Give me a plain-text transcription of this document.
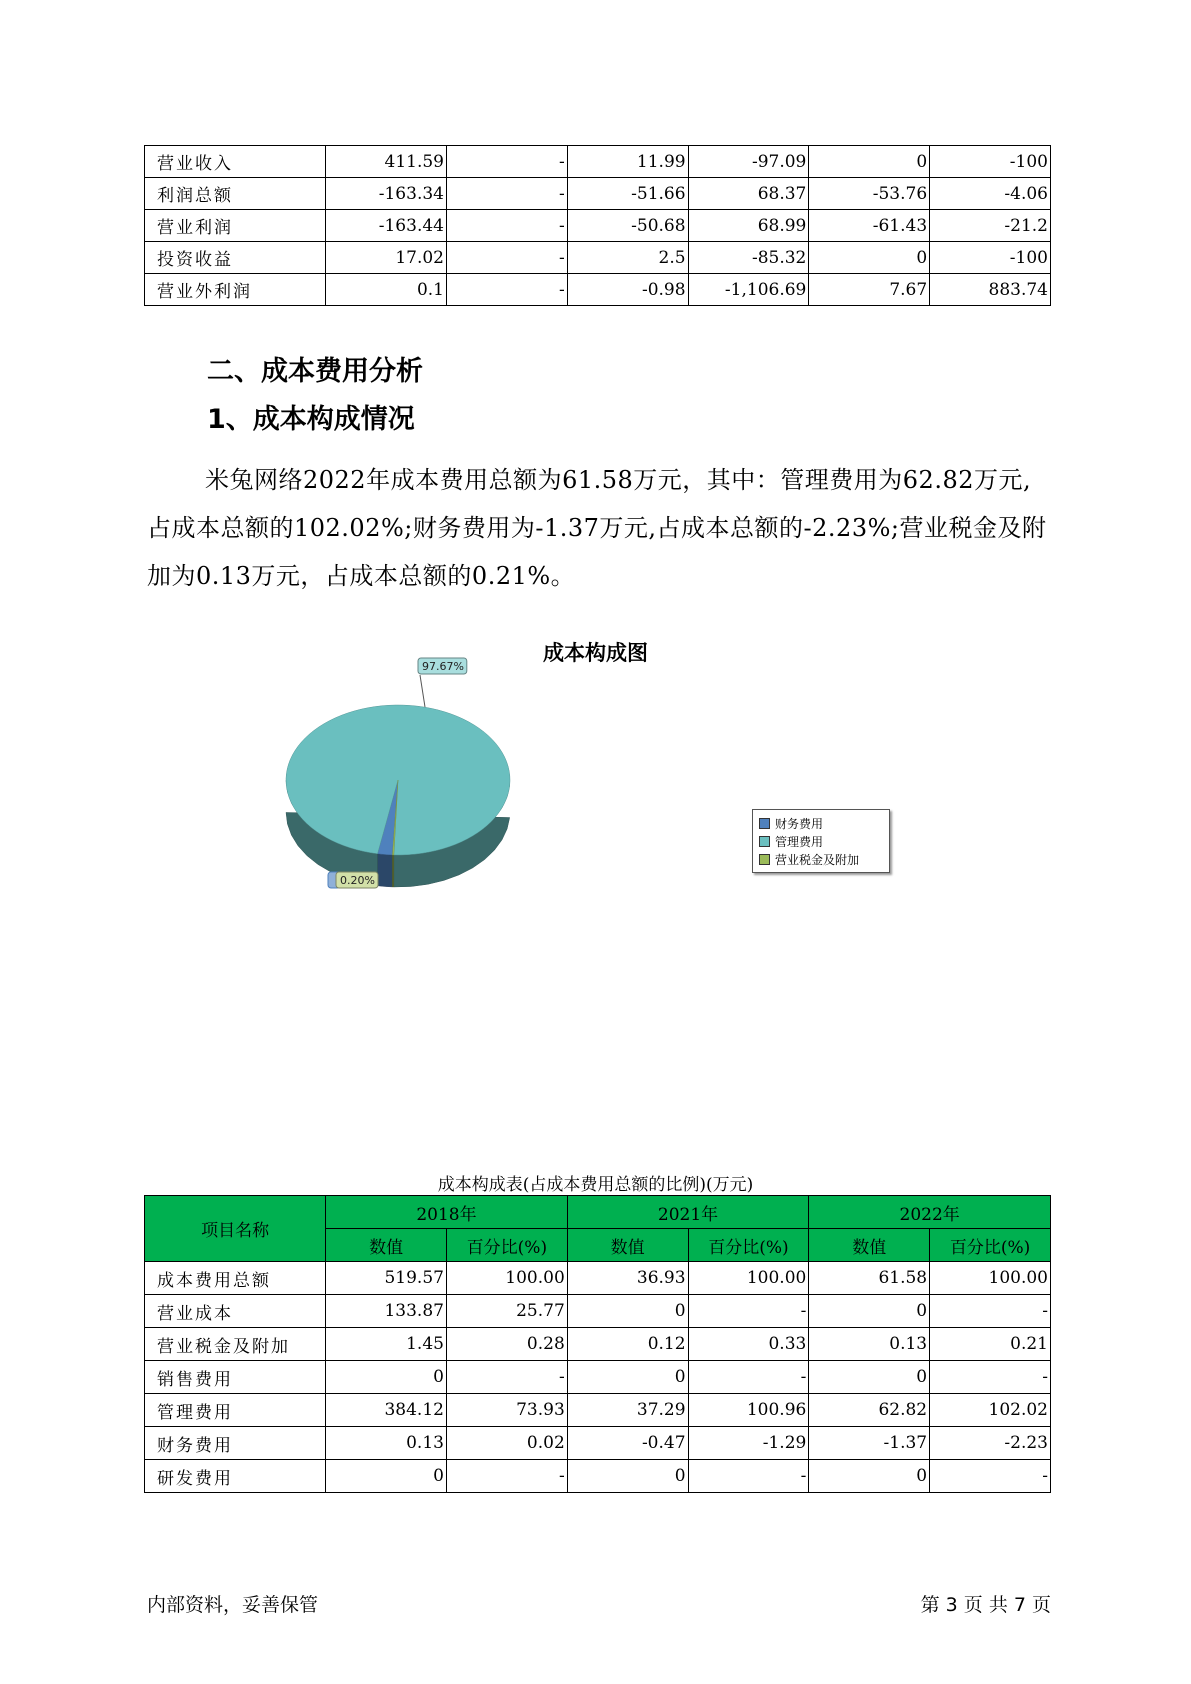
营业收入	411.59	-	11.99	-97.09	0	-100
利润总额	-163.34	-	-51.66	68.37	-53.76	-4.06
营业利润	-163.44	-	-50.68	68.99	-61.43	-21.2
投资收益	17.02	-	2.5	-85.32	0	-100
营业外利润	0.1	-	-0.98	-1,106.69	7.67	883.74
二、成本费用分析
1、成本构成情况
米兔网络2022年成本费用总额为61.58万元，其中：管理费用为62.82万元,占成本总额的102.02%;财务费用为-1.37万元,占成本总额的-2.23%;营业税金及附加为0.13万元，占成本总额的0.21%。
成本构成图
97.67%
0.20%
财务费用
管理费用
营业税金及附加
成本构成表(占成本费用总额的比例)(万元)
项目名称	2018年		2021年		2022年	
	数值	百分比(%)	数值	百分比(%)	数值	百分比(%)
成本费用总额	519.57	100.00	36.93	100.00	61.58	100.00
营业成本	133.87	25.77	0	-	0	-
营业税金及附加	1.45	0.28	0.12	0.33	0.13	0.21
销售费用	0	-	0	-	0	-
管理费用	384.12	73.93	37.29	100.96	62.82	102.02
财务费用	0.13	0.02	-0.47	-1.29	-1.37	-2.23
研发费用	0	-	0	-	0	-
内部资料，妥善保管	第 3 页 共 7 页
